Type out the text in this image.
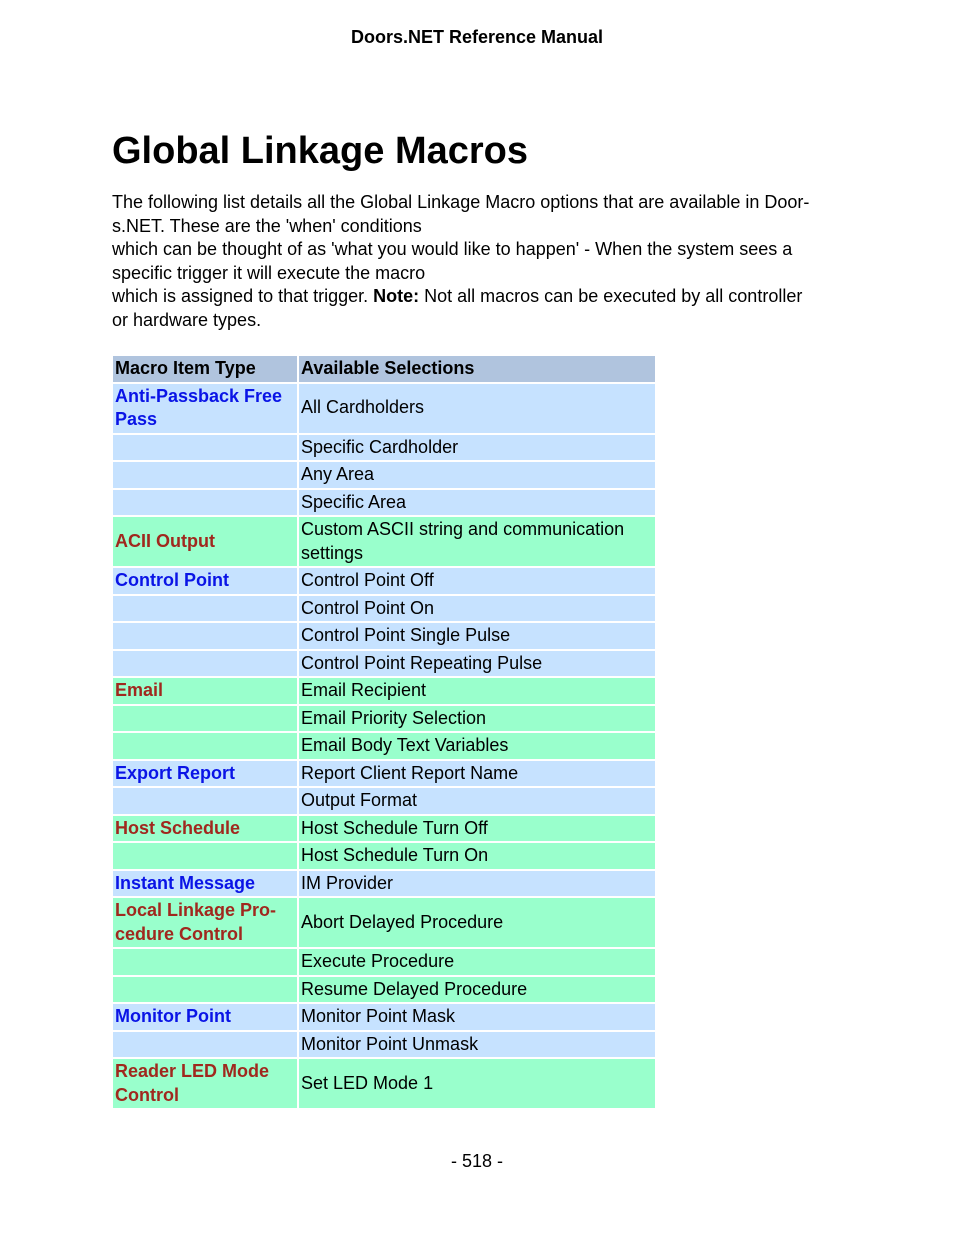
Doors.NET Reference Manual
Global Linkage Macros

The following list details all the Global Linkage Macro options that are available in Door-
s.NET. These are the 'when' conditions
which can be thought of as 'what you would like to happen' - When the system sees a
specific trigger it will execute the macro
which is assigned to that trigger. Note: Not all macros can be executed by all controller
or hardware types.

Macro Item Type	Available Selections
Anti-Passback Free Pass	All Cardholders
	Specific Cardholder
	Any Area
	Specific Area
ACII Output	Custom ASCII string and communication settings
Control Point	Control Point Off
	Control Point On
	Control Point Single Pulse
	Control Point Repeating Pulse
Email	Email Recipient
	Email Priority Selection
	Email Body Text Variables
Export Report	Report Client Report Name
	Output Format
Host Schedule	Host Schedule Turn Off
	Host Schedule Turn On
Instant Message	IM Provider
Local Linkage Pro-cedure Control	Abort Delayed Procedure
	Execute Procedure
	Resume Delayed Procedure
Monitor Point	Monitor Point Mask
	Monitor Point Unmask
Reader LED Mode Control	Set LED Mode 1
- 518 -
